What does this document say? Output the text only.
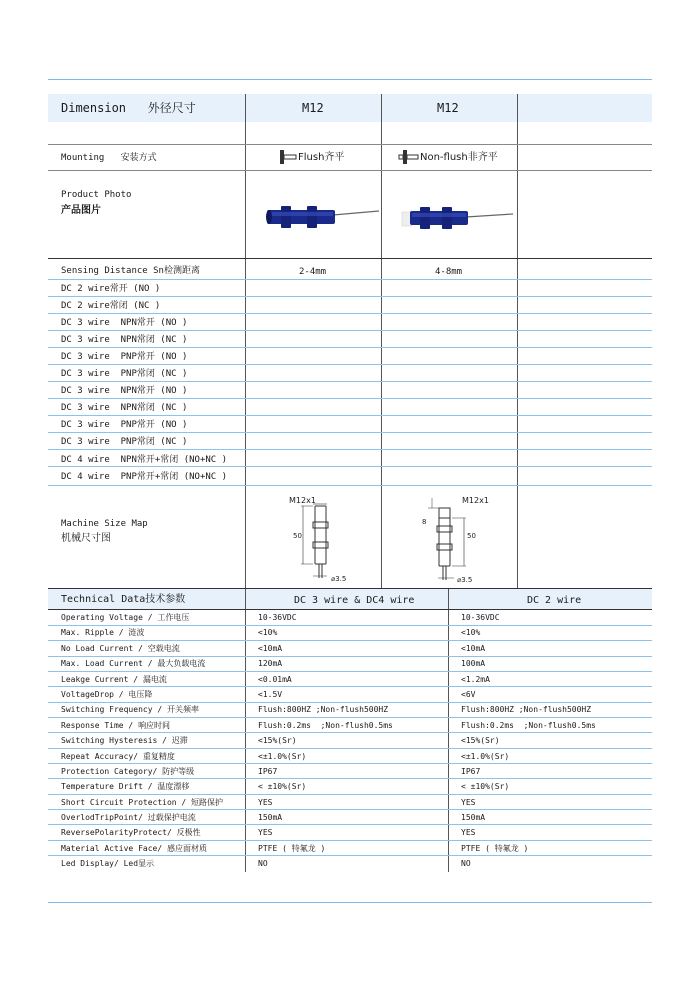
Dimension 外径尺寸	M12	M12
Mounting 安装方式	Flush齐平	Non-flush非齐平
Product Photo
产品图片
Sensing Distance Sn检测距离	2-4mm	4-8mm
DC 2 wire常开 (NO )
DC 2 wire常闭 (NC )
DC 3 wire  NPN常开 (NO )
DC 3 wire  NPN常闭 (NC )
DC 3 wire  PNP常开 (NO )
DC 3 wire  PNP常闭 (NC )
DC 3 wire  NPN常开 (NO )
DC 3 wire  NPN常闭 (NC )
DC 3 wire  PNP常开 (NO )
DC 3 wire  PNP常闭 (NC )
DC 4 wire  NPN常开+常闭 (NO+NC )
DC 4 wire  PNP常开+常闭 (NO+NC )
Machine Size Map
机械尺寸图
M12x1
50
⌀3.5
M12x1
8
50
⌀3.5
Technical Data技术参数	DC 3 wire & DC4 wire	DC 2 wire
Operating Voltage / 工作电压	10-36VDC	10-36VDC
Max. Ripple / 涟波	<10%	<10%
No Load Current / 空载电流	<10mA	<10mA
Max. Load Current / 最大负载电流	120mA	100mA
Leakge Current / 漏电流	<0.01mA	<1.2mA
VoltageDrop / 电压降	<1.5V	<6V
Switching Frequency / 开关频率	Flush:800HZ ;Non-flush500HZ	Flush:800HZ ;Non-flush500HZ
Response Time / 响应时间	Flush:0.2ms  ;Non-flush0.5ms	Flush:0.2ms  ;Non-flush0.5ms
Switching Hysteresis / 迟滞	<15%(Sr)	<15%(Sr)
Repeat Accuracy/ 重复精度	<±1.0%(Sr)	<±1.0%(Sr)
Protection Category/ 防护等级	IP67	IP67
Temperature Drift / 温度漂移	< ±10%(Sr)	< ±10%(Sr)
Short Circuit Protection / 短路保护	YES	YES
OverlodTripPoint/ 过载保护电流	150mA	150mA
ReversePolarityProtect/ 反极性	YES	YES
Material Active Face/ 感应面材质	PTFE ( 特氟龙 )	PTFE ( 特氟龙 )
Led Display/ Led显示	NO	NO
